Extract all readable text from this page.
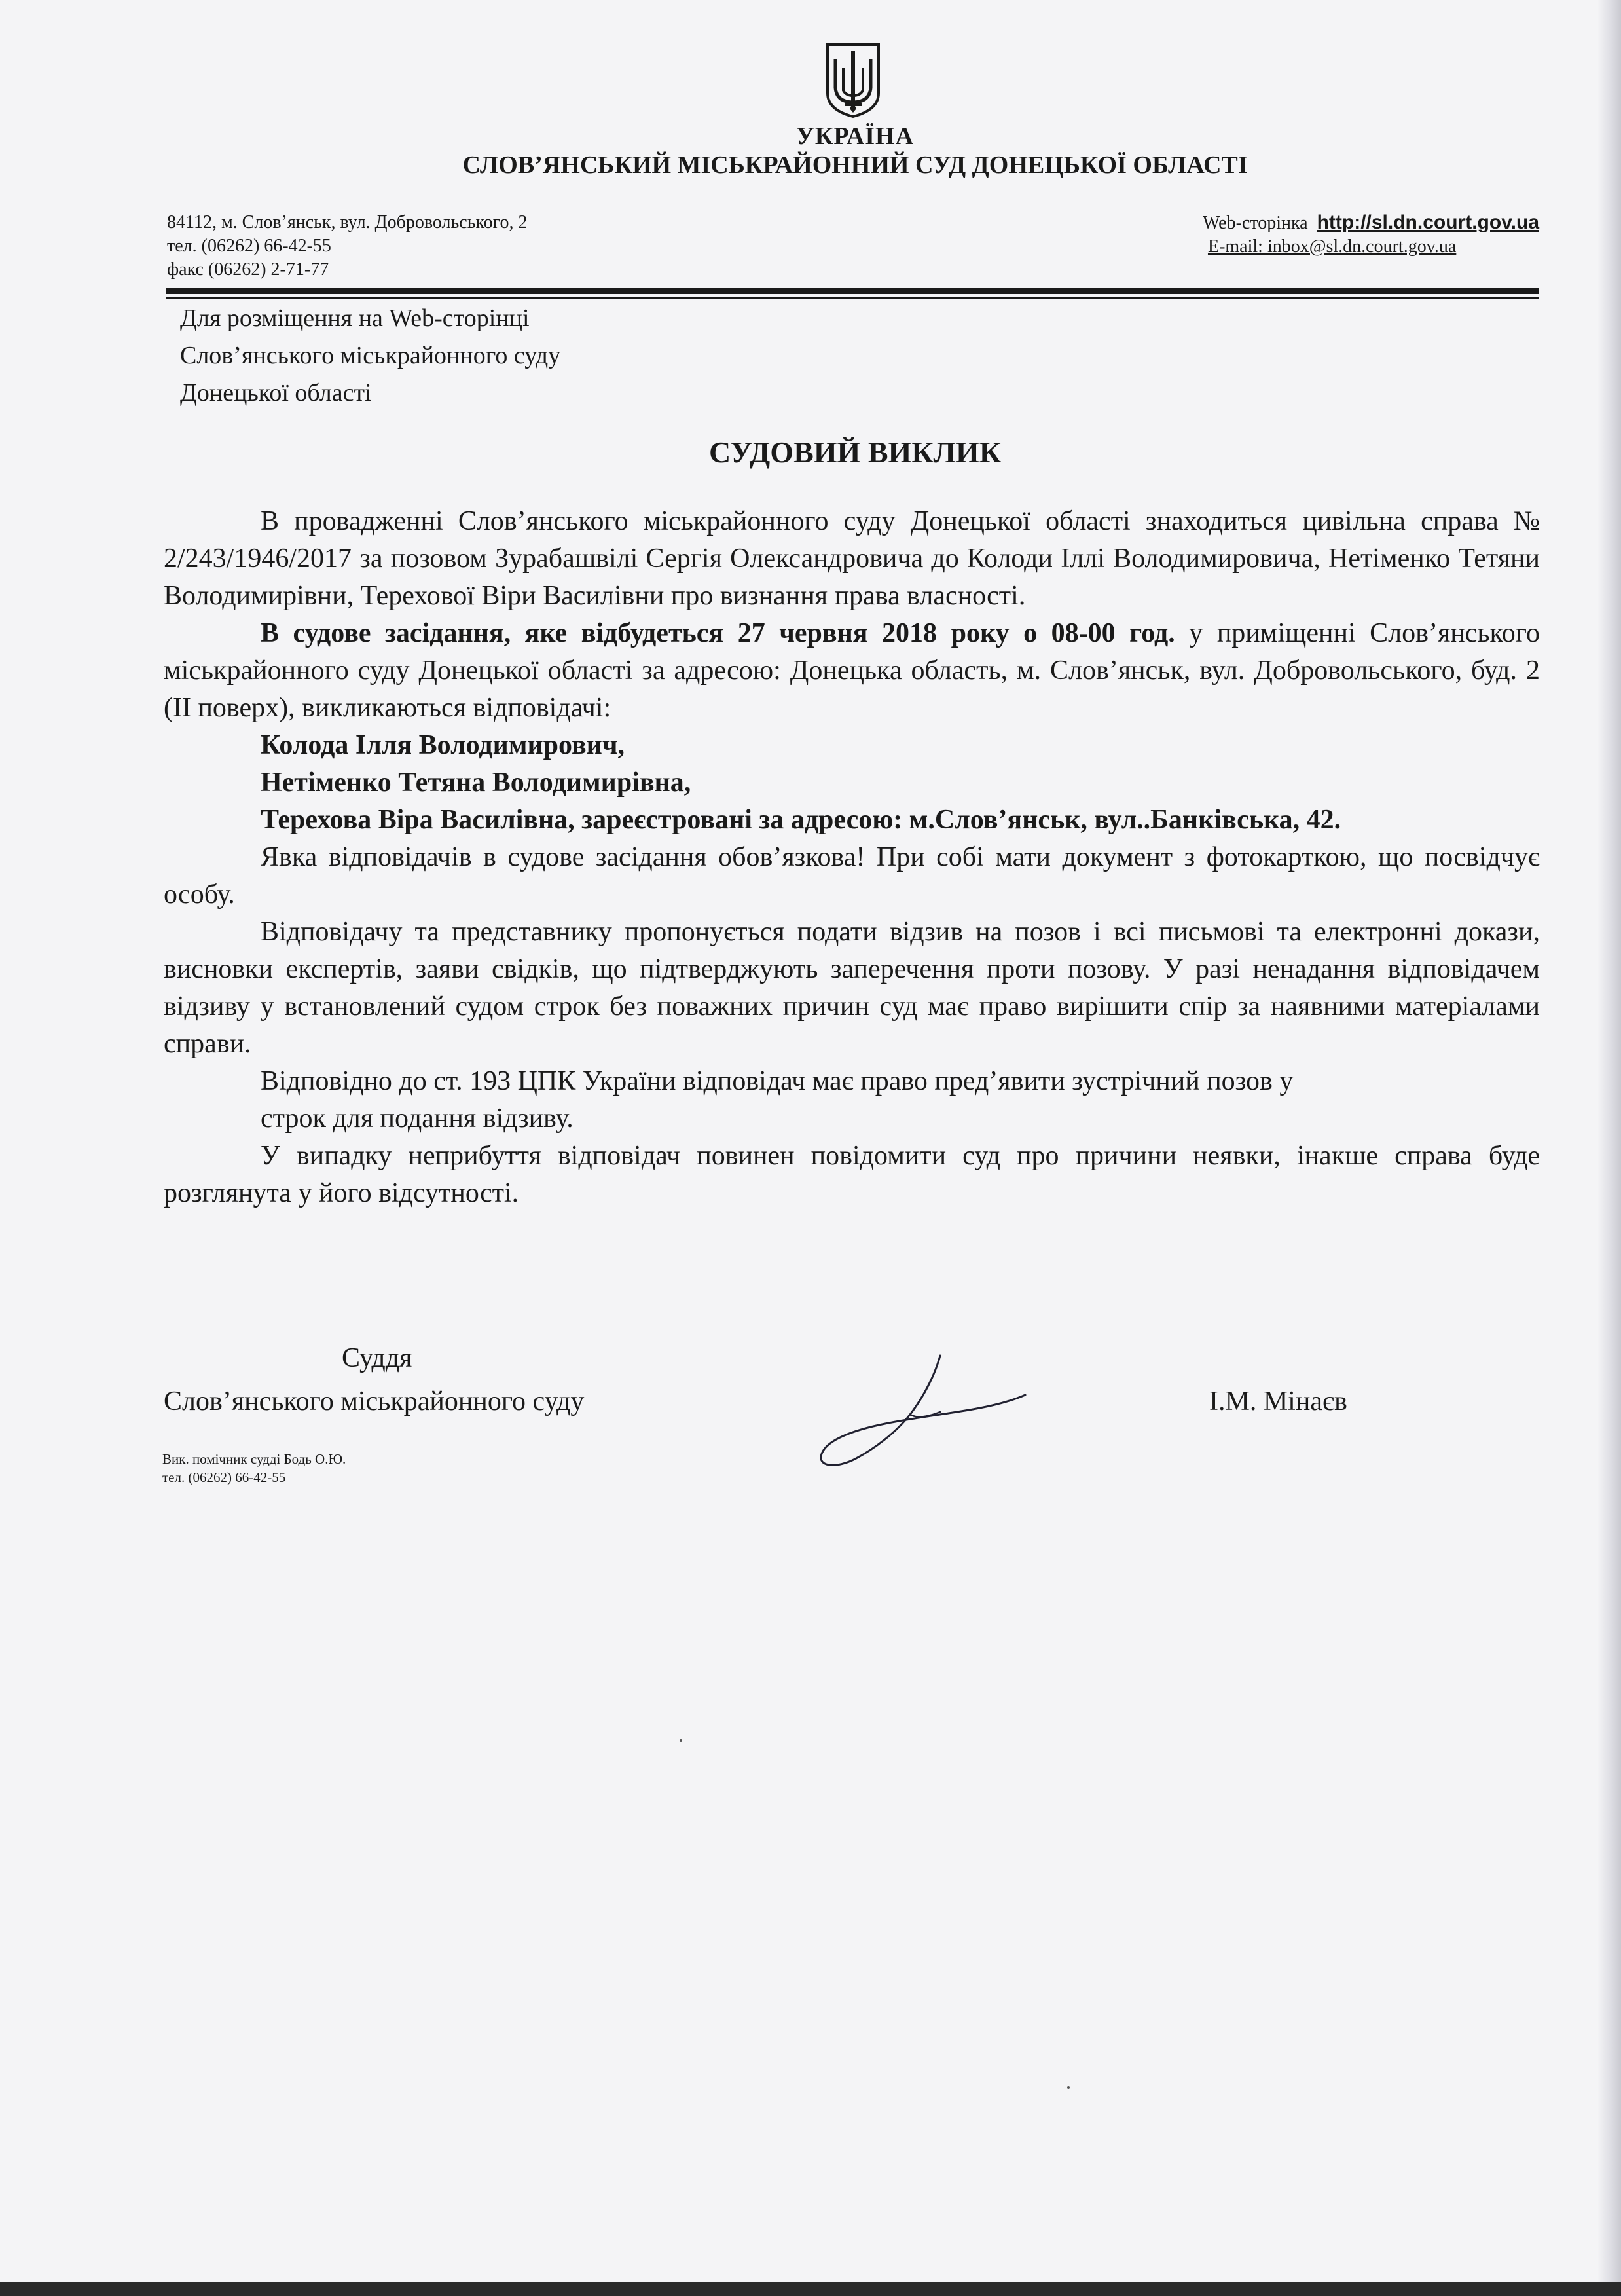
УКРАЇНА
СЛОВ’ЯНСЬКИЙ МІСЬКРАЙОННИЙ СУД ДОНЕЦЬКОЇ ОБЛАСТІ
84112, м. Слов’янськ, вул. Добровольського, 2
тел. (06262) 66-42-55
факс (06262) 2-71-77
Web-сторінка http://sl.dn.court.gov.ua
E-mail: inbox@sl.dn.court.gov.ua
Для розміщення на Web-сторінці
Слов’янського міськрайонного суду
Донецької області
СУДОВИЙ ВИКЛИК

В провадженні Слов’янського міськрайонного суду Донецької області знаходиться цивільна справа № 2/243/1946/2017 за позовом Зурабашвілі Сергія Олександровича до Колоди Іллі Володимировича, Нетіменко Тетяни Володимирівни, Терехової Віри Василівни про визнання права власності.

В судове засідання, яке відбудеться 27 червня 2018 року о 08-00 год. у приміщенні Слов’янського міськрайонного суду Донецької області за адресою: Донецька область, м. Слов’янськ, вул. Добровольського, буд. 2 (II поверх), викликаються відповідачі:

Колода Ілля Володимирович,

Нетіменко Тетяна Володимирівна,

Терехова Віра Василівна, зареєстровані за адресою: м.Слов’янськ, вул..Банківська, 42.

Явка відповідачів в судове засідання обов’язкова! При собі мати документ з фотокарткою, що посвідчує особу.

Відповідачу та представнику пропонується подати відзив на позов і всі письмові та електронні докази, висновки експертів, заяви свідків, що підтверджують заперечення проти позову. У разі ненадання відповідачем відзиву у встановлений судом строк без поважних причин суд має право вирішити спір за наявними матеріалами справи.

Відповідно до ст. 193 ЦПК України відповідач має право пред’явити зустрічний позов у

строк для подання відзиву.

У випадку неприбуття відповідач повинен повідомити суд про причини неявки, інакше справа буде розглянута у його відсутності.

Суддя
Слов’янського міськрайонного суду	І.М. Мінаєв
Вик. помічник судді Бодь О.Ю.
тел. (06262) 66-42-55
